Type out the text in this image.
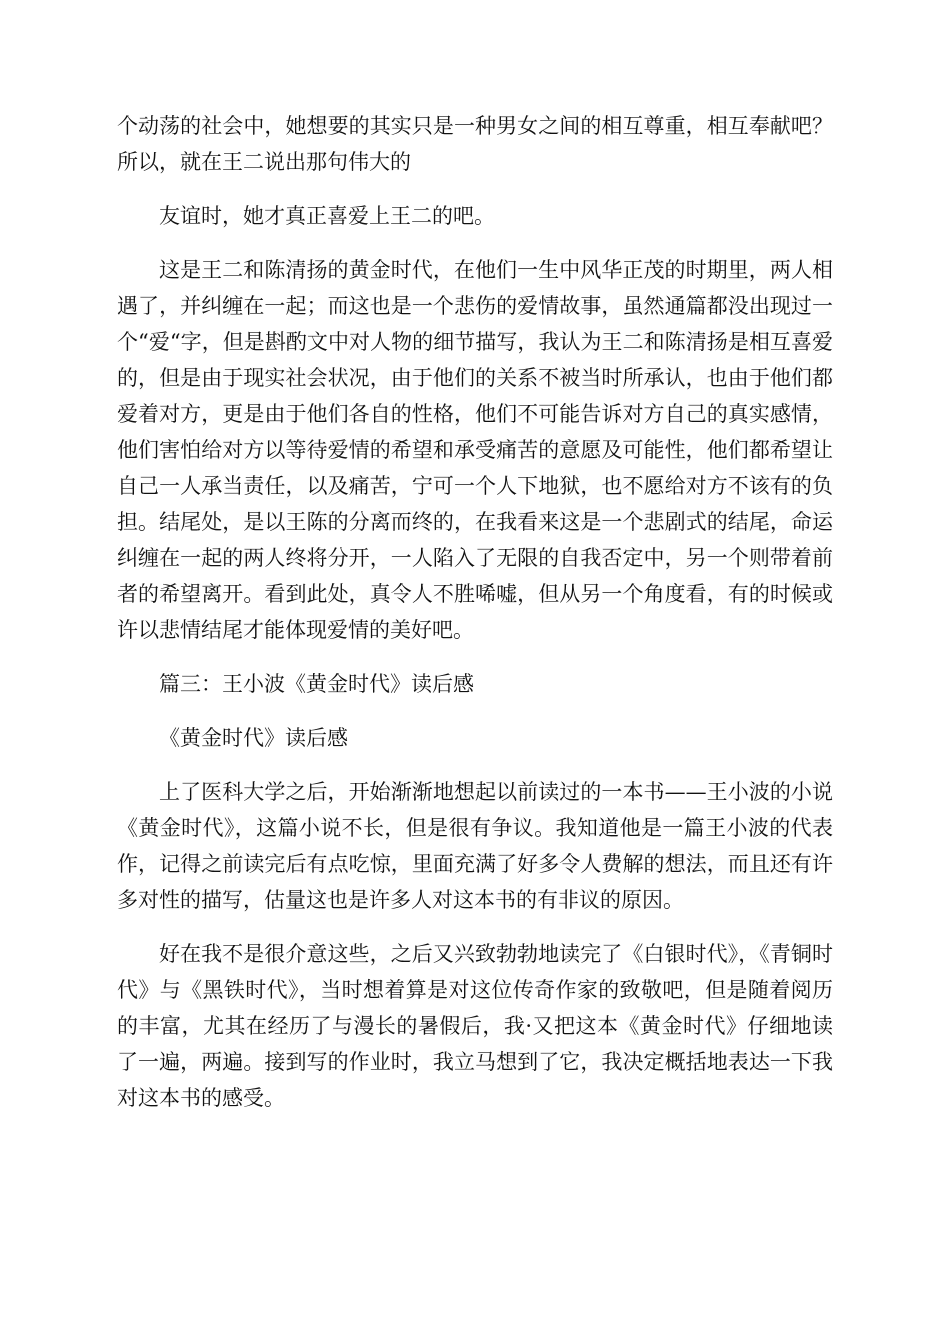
个动荡的社会中，她想要的其实只是一种男女之间的相互尊重，相互奉献吧？所以，就在王二说出那句伟大的

友谊时，她才真正喜爱上王二的吧。

这是王二和陈清扬的黄金时代，在他们一生中风华正茂的时期里，两人相遇了，并纠缠在一起；而这也是一个悲伤的爱情故事，虽然通篇都没出现过一个“爱“字，但是斟酌文中对人物的细节描写，我认为王二和陈清扬是相互喜爱的，但是由于现实社会状况，由于他们的关系不被当时所承认，也由于他们都爱着对方，更是由于他们各自的性格，他们不可能告诉对方自己的真实感情，他们害怕给对方以等待爱情的希望和承受痛苦的意愿及可能性，他们都希望让自己一人承当责任，以及痛苦，宁可一个人下地狱，也不愿给对方不该有的负担。结尾处，是以王陈的分离而终的，在我看来这是一个悲剧式的结尾，命运纠缠在一起的两人终将分开，一人陷入了无限的自我否定中，另一个则带着前者的希望离开。看到此处，真令人不胜唏嘘，但从另一个角度看，有的时候或许以悲情结尾才能体现爱情的美好吧。

篇三：王小波《黄金时代》读后感

《黄金时代》读后感

上了医科大学之后，开始渐渐地想起以前读过的一本书——王小波的小说《黄金时代》，这篇小说不长，但是很有争议。我知道他是一篇王小波的代表作，记得之前读完后有点吃惊，里面充满了好多令人费解的想法，而且还有许多对性的描写，估量这也是许多人对这本书的有非议的原因。

好在我不是很介意这些，之后又兴致勃勃地读完了《白银时代》，《青铜时代》与《黑铁时代》，当时想着算是对这位传奇作家的致敬吧，但是随着阅历的丰富，尤其在经历了与漫长的暑假后，我·又把这本《黄金时代》仔细地读了一遍，两遍。接到写的作业时，我立马想到了它，我决定概括地表达一下我对这本书的感受。
